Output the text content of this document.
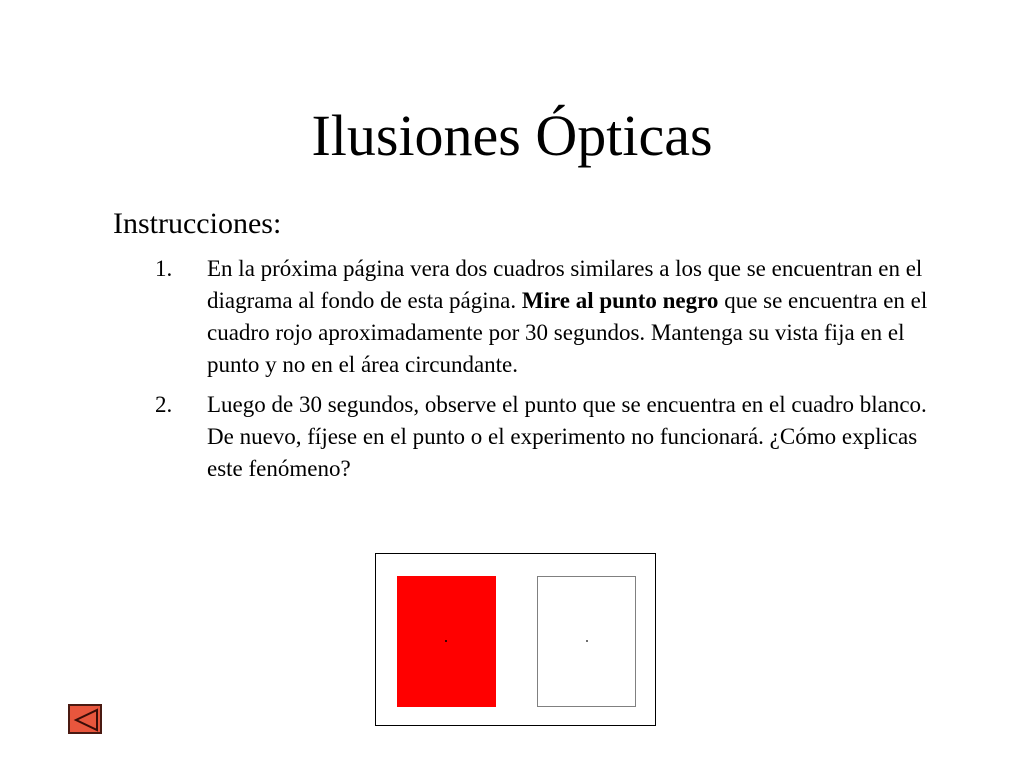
Ilusiones Ópticas
Instrucciones:
1. En la próxima página vera dos cuadros similares a los que se encuentran en el diagrama al fondo de esta página. Mire al punto negro que se encuentra en el cuadro rojo aproximadamente por 30 segundos. Mantenga su vista fija en el punto y no en el área circundante.
2. Luego de 30 segundos, observe el punto que se encuentra en el cuadro blanco. De nuevo, fíjese en el punto o el experimento no funcionará. ¿Cómo explicas este fenómeno?
